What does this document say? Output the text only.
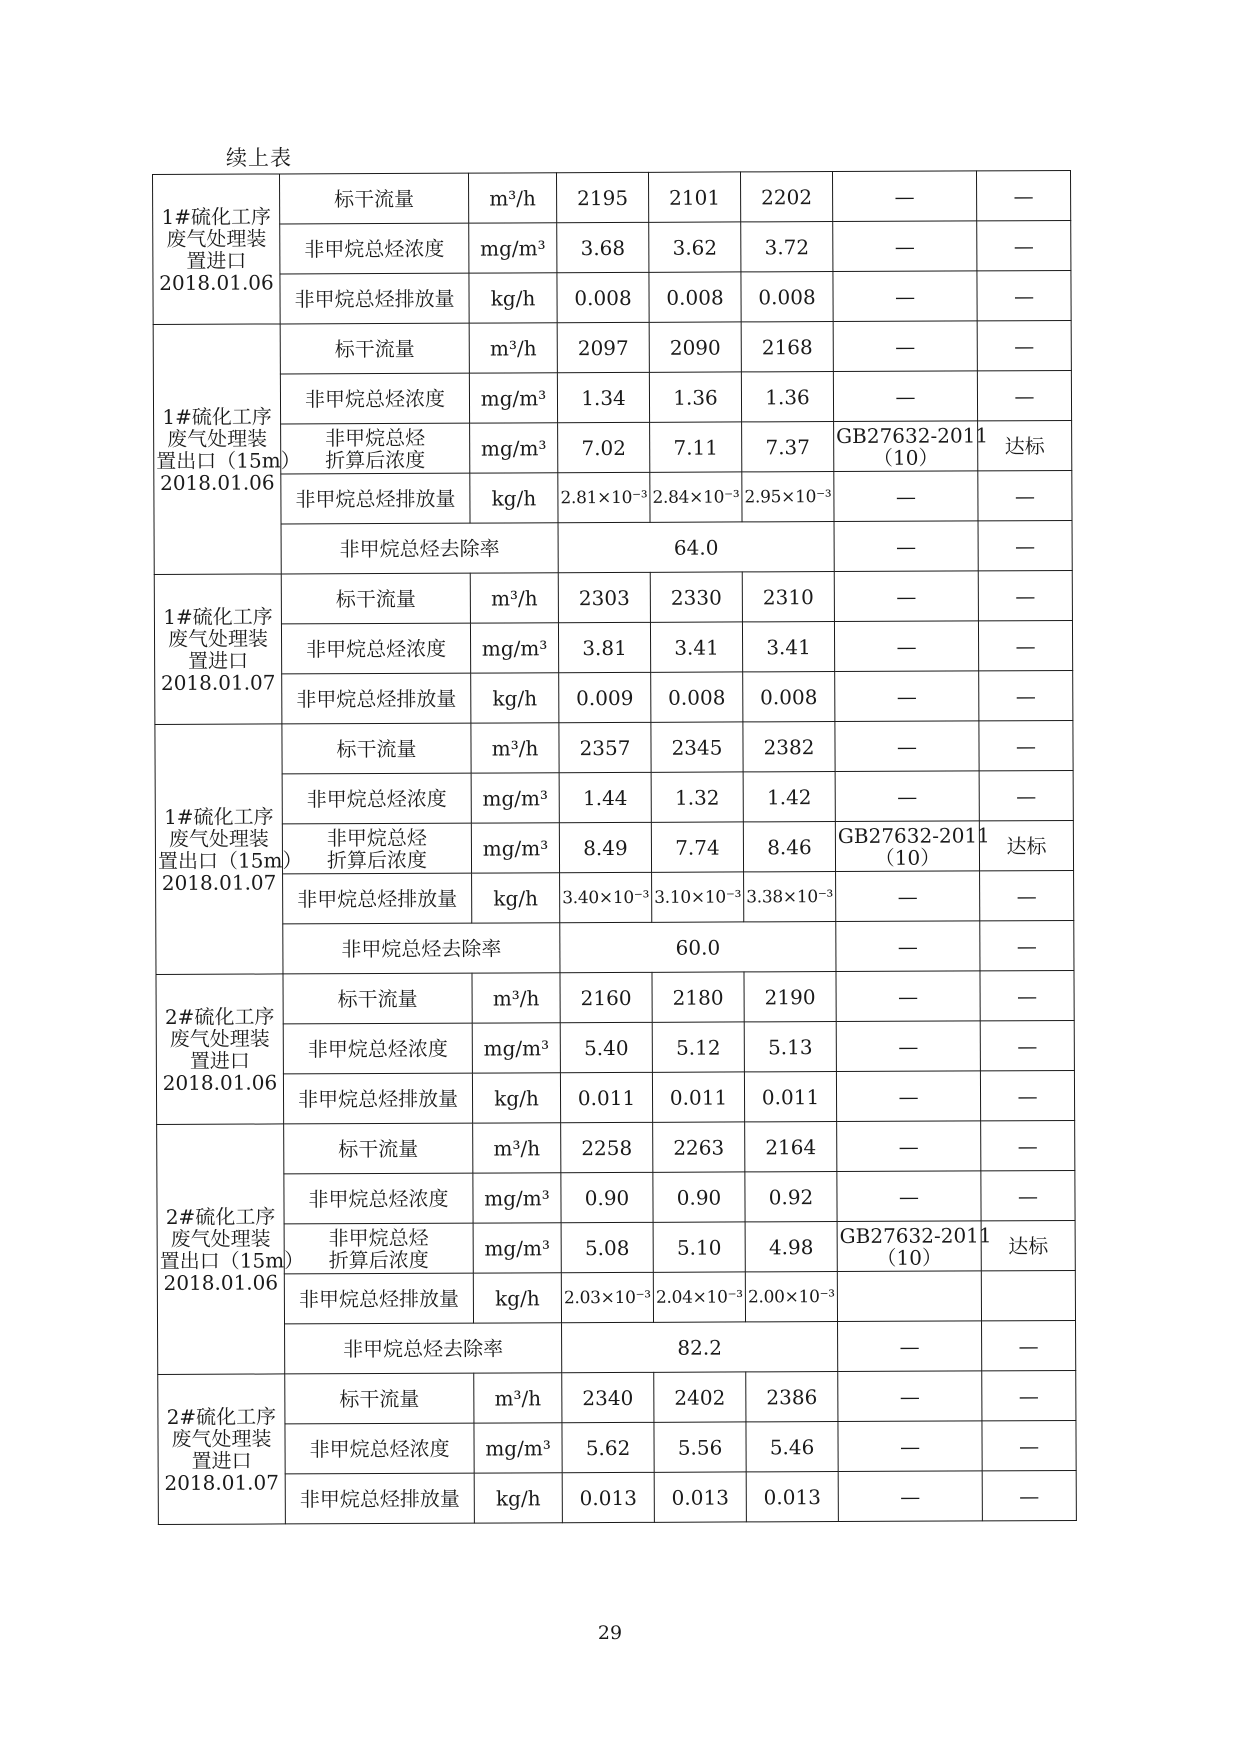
续上表
1#硫化工序
废气处理装
置进口
2018.01.06	标干流量	m³/h	2195	2101	2202	—	—

	非甲烷总烃浓度	mg/m³	3.68	3.62	3.72	—	—

	非甲烷总烃排放量	kg/h	0.008	0.008	0.008	—	—

1#硫化工序
废气处理装
置出口（15m）
2018.01.06	标干流量	m³/h	2097	2090	2168	—	—

	非甲烷总烃浓度	mg/m³	1.34	1.36	1.36	—	—

	非甲烷总烃
折算后浓度	mg/m³	7.02	7.11	7.37	GB27632-2011
（10）	达标

	非甲烷总烃排放量	kg/h	2.81×10⁻³	2.84×10⁻³	2.95×10⁻³	—	—
	非甲烷总烃去除率		64.0			—	—

1#硫化工序
废气处理装
置进口
2018.01.07	标干流量	m³/h	2303	2330	2310	—	—

	非甲烷总烃浓度	mg/m³	3.81	3.41	3.41	—	—

	非甲烷总烃排放量	kg/h	0.009	0.008	0.008	—	—

1#硫化工序
废气处理装
置出口（15m）
2018.01.07	标干流量	m³/h	2357	2345	2382	—	—

	非甲烷总烃浓度	mg/m³	1.44	1.32	1.42	—	—

	非甲烷总烃
折算后浓度	mg/m³	8.49	7.74	8.46	GB27632-2011
（10）	达标

	非甲烷总烃排放量	kg/h	3.40×10⁻³	3.10×10⁻³	3.38×10⁻³	—	—
	非甲烷总烃去除率		60.0			—	—

2#硫化工序
废气处理装
置进口
2018.01.06	标干流量	m³/h	2160	2180	2190	—	—

	非甲烷总烃浓度	mg/m³	5.40	5.12	5.13	—	—

	非甲烷总烃排放量	kg/h	0.011	0.011	0.011	—	—

2#硫化工序
废气处理装
置出口（15m）
2018.01.06	标干流量	m³/h	2258	2263	2164	—	—

	非甲烷总烃浓度	mg/m³	0.90	0.90	0.92	—	—

	非甲烷总烃
折算后浓度	mg/m³	5.08	5.10	4.98	GB27632-2011
（10）	达标

	非甲烷总烃排放量	kg/h	2.03×10⁻³	2.04×10⁻³	2.00×10⁻³	

	非甲烷总烃去除率		82.2			—	—

2#硫化工序
废气处理装
置进口
2018.01.07	标干流量	m³/h	2340	2402	2386	—	—

	非甲烷总烃浓度	mg/m³	5.62	5.56	5.46	—	—

	非甲烷总烃排放量	kg/h	0.013	0.013	0.013	—	—
29
